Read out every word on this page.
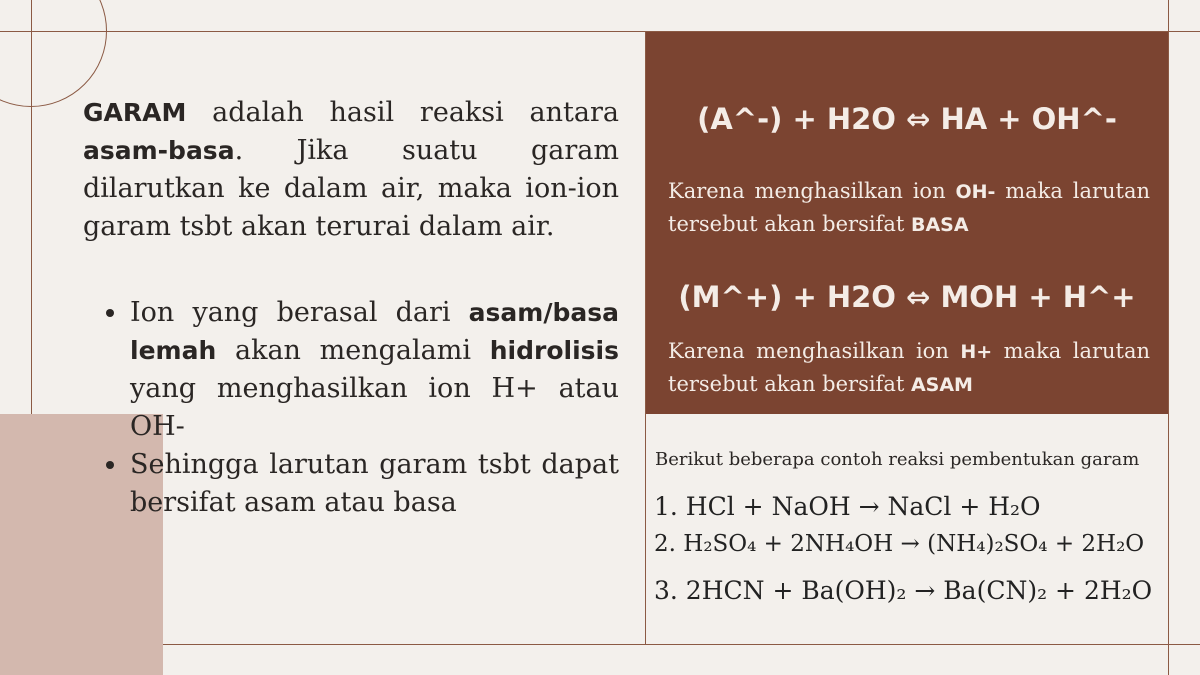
GARAM adalah hasil reaksi antara asam-basa. Jika suatu garam dilarutkan ke dalam air, maka ion-ion garam tsbt akan terurai dalam air.

Ion yang berasal dari asam/basa lemah akan mengalami hidrolisis yang menghasilkan ion H+ atau OH-
Sehingga larutan garam tsbt dapat bersifat asam atau basa
(A^-) + H2O ⇔ HA + OH^-
Karena menghasilkan ion OH- maka larutan tersebut akan bersifat BASA
(M^+) + H2O ⇔ MOH + H^+
Karena menghasilkan ion H+ maka larutan tersebut akan bersifat ASAM
Berikut beberapa contoh reaksi pembentukan garam
1. HCl + NaOH → NaCl + H₂O
2. H₂SO₄ + 2NH₄OH → (NH₄)₂SO₄ + 2H₂O
3. 2HCN + Ba(OH)₂ → Ba(CN)₂ + 2H₂O
